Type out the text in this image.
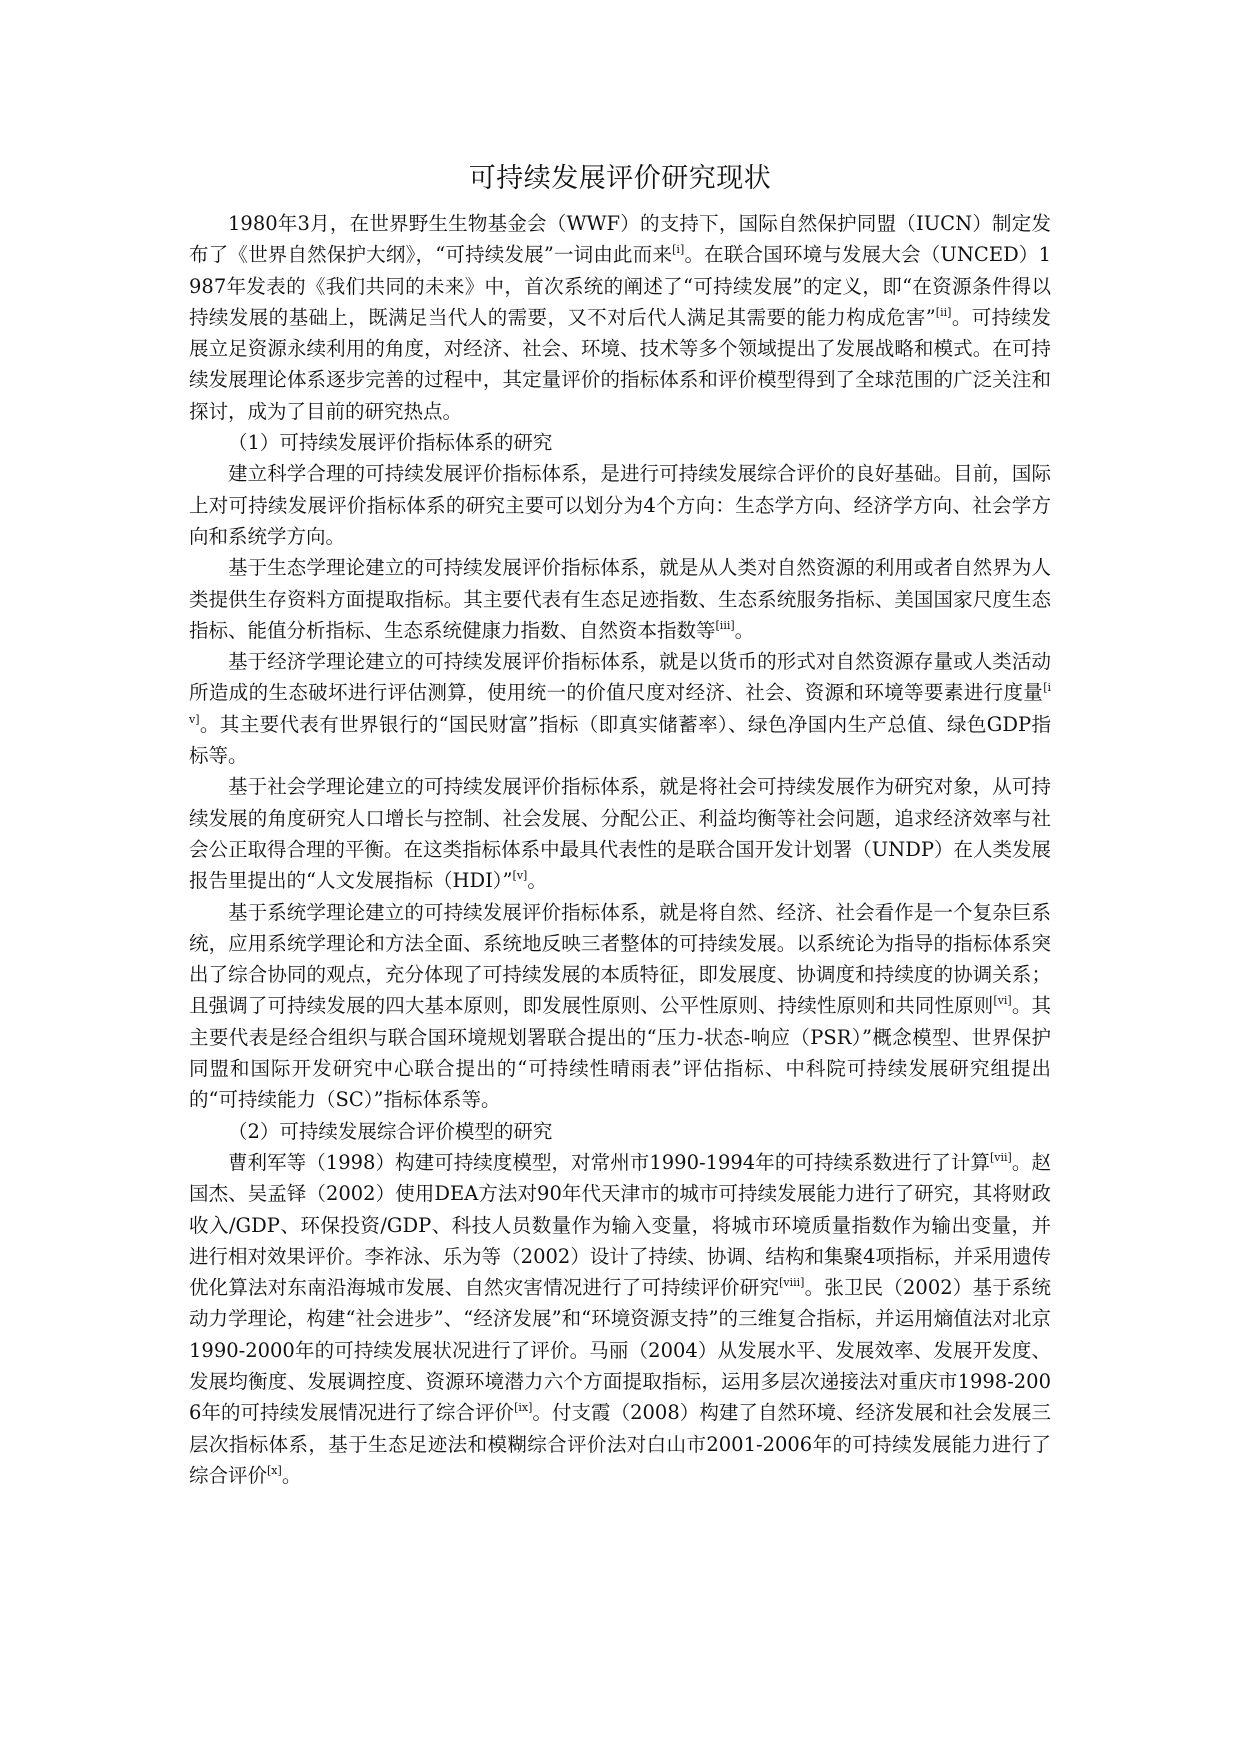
可持续发展评价研究现状

1980年3月，在世界野生生物基金会（WWF）的支持下，国际自然保护同盟（IUCN）制定发布了《世界自然保护大纲》，“可持续发展”一词由此而来[i]。在联合国环境与发展大会（UNCED）1987年发表的《我们共同的未来》中，首次系统的阐述了“可持续发展”的定义，即“在资源条件得以持续发展的基础上，既满足当代人的需要，又不对后代人满足其需要的能力构成危害”[ii]。可持续发展立足资源永续利用的角度，对经济、社会、环境、技术等多个领域提出了发展战略和模式。在可持续发展理论体系逐步完善的过程中，其定量评价的指标体系和评价模型得到了全球范围的广泛关注和探讨，成为了目前的研究热点。

（1）可持续发展评价指标体系的研究

建立科学合理的可持续发展评价指标体系，是进行可持续发展综合评价的良好基础。目前，国际上对可持续发展评价指标体系的研究主要可以划分为4个方向：生态学方向、经济学方向、社会学方向和系统学方向。

基于生态学理论建立的可持续发展评价指标体系，就是从人类对自然资源的利用或者自然界为人类提供生存资料方面提取指标。其主要代表有生态足迹指数、生态系统服务指标、美国国家尺度生态指标、能值分析指标、生态系统健康力指数、自然资本指数等[iii]。

基于经济学理论建立的可持续发展评价指标体系，就是以货币的形式对自然资源存量或人类活动所造成的生态破坏进行评估测算，使用统一的价值尺度对经济、社会、资源和环境等要素进行度量[iv]。其主要代表有世界银行的“国民财富”指标（即真实储蓄率）、绿色净国内生产总值、绿色GDP指标等。

基于社会学理论建立的可持续发展评价指标体系，就是将社会可持续发展作为研究对象，从可持续发展的角度研究人口增长与控制、社会发展、分配公正、利益均衡等社会问题，追求经济效率与社会公正取得合理的平衡。在这类指标体系中最具代表性的是联合国开发计划署（UNDP）在人类发展报告里提出的“人文发展指标（HDI）”[v]。

基于系统学理论建立的可持续发展评价指标体系，就是将自然、经济、社会看作是一个复杂巨系统，应用系统学理论和方法全面、系统地反映三者整体的可持续发展。以系统论为指导的指标体系突出了综合协同的观点，充分体现了可持续发展的本质特征，即发展度、协调度和持续度的协调关系；且强调了可持续发展的四大基本原则，即发展性原则、公平性原则、持续性原则和共同性原则[vi]。其主要代表是经合组织与联合国环境规划署联合提出的“压力-状态-响应（PSR）”概念模型、世界保护同盟和国际开发研究中心联合提出的“可持续性晴雨表”评估指标、中科院可持续发展研究组提出的“可持续能力（SC）”指标体系等。

（2）可持续发展综合评价模型的研究

曹利军等（1998）构建可持续度模型，对常州市1990-1994年的可持续系数进行了计算[vii]。赵国杰、吴孟铎（2002）使用DEA方法对90年代天津市的城市可持续发展能力进行了研究，其将财政收入/GDP、环保投资/GDP、科技人员数量作为输入变量，将城市环境质量指数作为输出变量，并进行相对效果评价。李祚泳、乐为等（2002）设计了持续、协调、结构和集聚4项指标，并采用遗传优化算法对东南沿海城市发展、自然灾害情况进行了可持续评价研究[viii]。张卫民（2002）基于系统动力学理论，构建“社会进步”、“经济发展”和“环境资源支持”的三维复合指标，并运用熵值法对北京1990-2000年的可持续发展状况进行了评价。马丽（2004）从发展水平、发展效率、发展开发度、发展均衡度、发展调控度、资源环境潜力六个方面提取指标，运用多层次递接法对重庆市1998-2006年的可持续发展情况进行了综合评价[ix]。付支霞（2008）构建了自然环境、经济发展和社会发展三层次指标体系，基于生态足迹法和模糊综合评价法对白山市2001-2006年的可持续发展能力进行了综合评价[x]。
